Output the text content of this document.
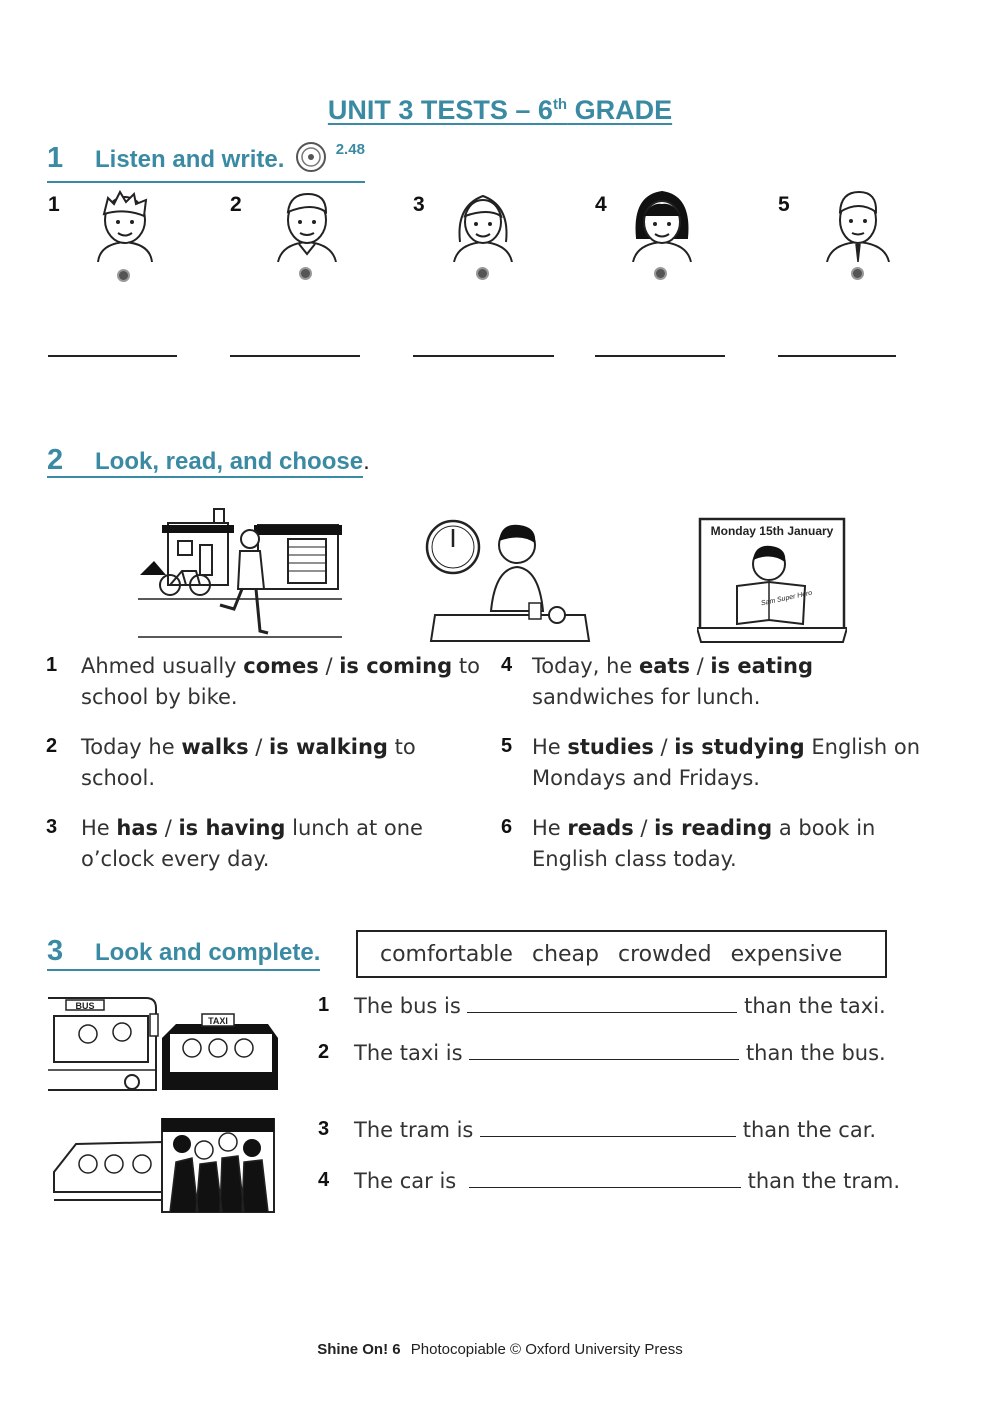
UNIT 3 TESTS – 6th GRADE
1 Listen and write.	$^{2.48}$
1	2	3	4	5
2 Look, read, and choose.
Monday 15th January
Sam Super Hero
1 Ahmed usually comes / is coming to school by bike.
2 Today he walks / is walking to school.
3 He has / is having lunch at one o’clock every day.
4 Today, he eats / is eating sandwiches for lunch.
5 He studies / is studying English on Mondays and Fridays.
6 He reads / is reading a book in English class today.
3 Look and complete.	comfortable cheap crowded expensive
BUS
TAXI
1 The bus is	than the taxi.
2 The taxi is	than the bus.
3 The tram is	than the car.
4 The car is	than the tram.
Shine On! 6 Photocopiable © Oxford University Press
